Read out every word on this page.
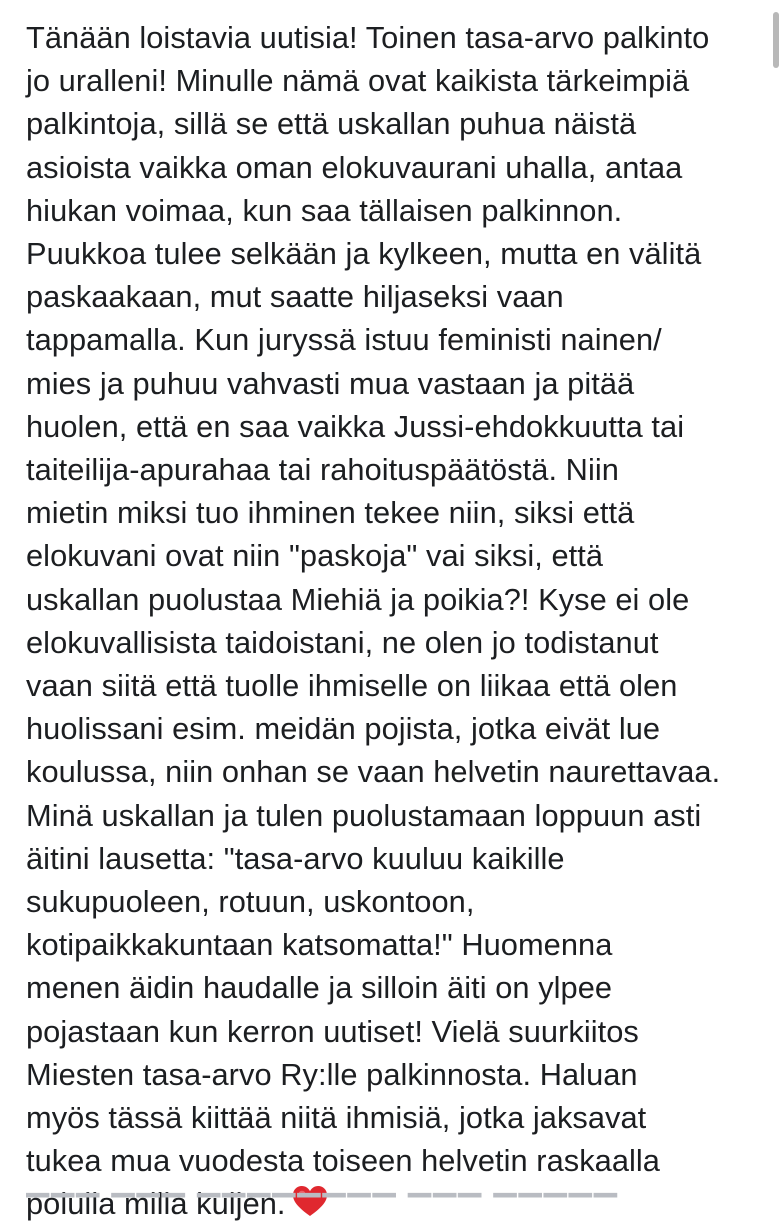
Tänään loistavia uutisia! Toinen tasa-arvo palkinto
jo uralleni! Minulle nämä ovat kaikista tärkeimpiä
palkintoja, sillä se että uskallan puhua näistä
asioista vaikka oman elokuvaurani uhalla, antaa
hiukan voimaa, kun saa tällaisen palkinnon.
Puukkoa tulee selkään ja kylkeen, mutta en välitä
paskaakaan, mut saatte hiljaseksi vaan
tappamalla. Kun juryssä istuu feministi nainen/
mies ja puhuu vahvasti mua vastaan ja pitää
huolen, että en saa vaikka Jussi-ehdokkuutta tai
taiteilija-apurahaa tai rahoituspäätöstä. Niin
mietin miksi tuo ihminen tekee niin, siksi että
elokuvani ovat niin "paskoja" vai siksi, että
uskallan puolustaa Miehiä ja poikia?! Kyse ei ole
elokuvallisista taidoistani, ne olen jo todistanut
vaan siitä että tuolle ihmiselle on liikaa että olen
huolissani esim. meidän pojista, jotka eivät lue
koulussa, niin onhan se vaan helvetin naurettavaa.
Minä uskallan ja tulen puolustamaan loppuun asti
äitini lausetta: "tasa-arvo kuuluu kaikille
sukupuoleen, rotuun, uskontoon,
kotipaikkakuntaan katsomatta!" Huomenna
menen äidin haudalle ja silloin äiti on ylpee
pojastaan kun kerron uutiset! Vielä suurkiitos
Miesten tasa-arvo Ry:lle palkinnosta. Haluan
myös tässä kiittää niitä ihmisiä, jotka jaksavat
tukea mua vuodesta toiseen helvetin raskaalla
polulla millä kuljen.
